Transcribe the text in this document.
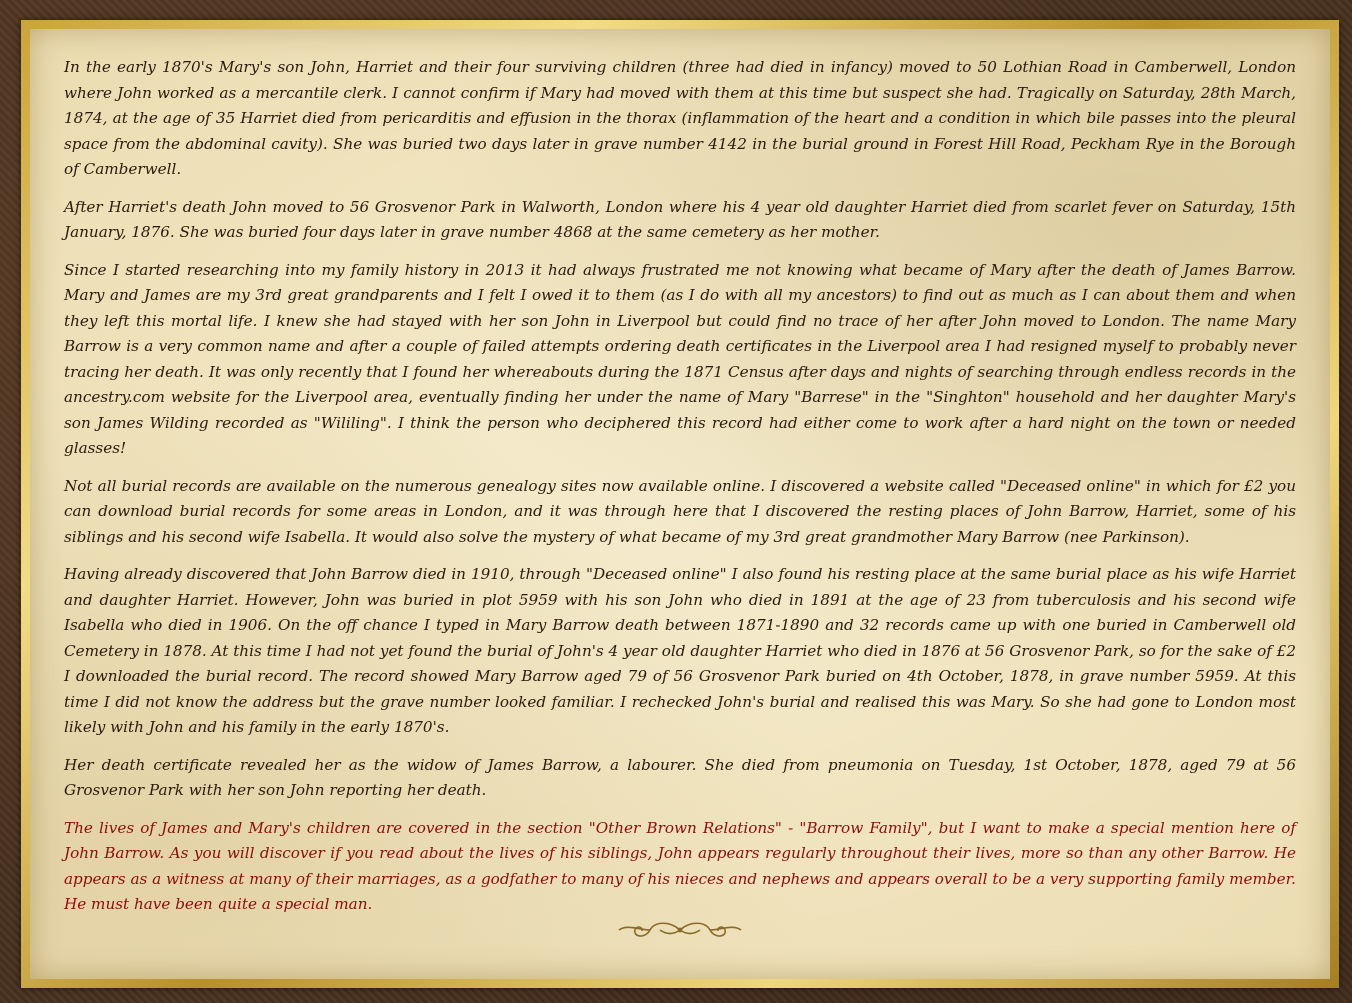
In the early 1870's Mary's son John, Harriet and their four surviving children (three had died in infancy) moved to 50 Lothian Road in Camberwell, London where John worked as a mercantile clerk. I cannot confirm if Mary had moved with them at this time but suspect she had. Tragically on Saturday, 28th March, 1874, at the age of 35 Harriet died from pericarditis and effusion in the thorax (inflammation of the heart and a condition in which bile passes into the pleural space from the abdominal cavity). She was buried two days later in grave number 4142 in the burial ground in Forest Hill Road, Peckham Rye in the Borough of Camberwell.

After Harriet's death John moved to 56 Grosvenor Park in Walworth, London where his 4 year old daughter Harriet died from scarlet fever on Saturday, 15th January, 1876. She was buried four days later in grave number 4868 at the same cemetery as her mother.

Since I started researching into my family history in 2013 it had always frustrated me not knowing what became of Mary after the death of James Barrow. Mary and James are my 3rd great grandparents and I felt I owed it to them (as I do with all my ancestors) to find out as much as I can about them and when they left this mortal life. I knew she had stayed with her son John in Liverpool but could find no trace of her after John moved to London. The name Mary Barrow is a very common name and after a couple of failed attempts ordering death certificates in the Liverpool area I had resigned myself to probably never tracing her death. It was only recently that I found her whereabouts during the 1871 Census after days and nights of searching through endless records in the ancestry.com website for the Liverpool area, eventually finding her under the name of Mary "Barrese" in the "Singhton" household and her daughter Mary's son James Wilding recorded as "Wililing". I think the person who deciphered this record had either come to work after a hard night on the town or needed glasses!

Not all burial records are available on the numerous genealogy sites now available online. I discovered a website called "Deceased online" in which for £2 you can download burial records for some areas in London, and it was through here that I discovered the resting places of John Barrow, Harriet, some of his siblings and his second wife Isabella. It would also solve the mystery of what became of my 3rd great grandmother Mary Barrow (nee Parkinson).

Having already discovered that John Barrow died in 1910, through "Deceased online" I also found his resting place at the same burial place as his wife Harriet and daughter Harriet. However, John was buried in plot 5959 with his son John who died in 1891 at the age of 23 from tuberculosis and his second wife Isabella who died in 1906. On the off chance I typed in Mary Barrow death between 1871-1890 and 32 records came up with one buried in Camberwell old Cemetery in 1878. At this time I had not yet found the burial of John's 4 year old daughter Harriet who died in 1876 at 56 Grosvenor Park, so for the sake of £2 I downloaded the burial record. The record showed Mary Barrow aged 79 of 56 Grosvenor Park buried on 4th October, 1878, in grave number 5959. At this time I did not know the address but the grave number looked familiar. I rechecked John's burial and realised this was Mary. So she had gone to London most likely with John and his family in the early 1870's.

Her death certificate revealed her as the widow of James Barrow, a labourer. She died from pneumonia on Tuesday, 1st October, 1878, aged 79 at 56 Grosvenor Park with her son John reporting her death.

The lives of James and Mary's children are covered in the section "Other Brown Relations" - "Barrow Family", but I want to make a special mention here of John Barrow. As you will discover if you read about the lives of his siblings, John appears regularly throughout their lives, more so than any other Barrow. He appears as a witness at many of their marriages, as a godfather to many of his nieces and nephews and appears overall to be a very supporting family member. He must have been quite a special man.
